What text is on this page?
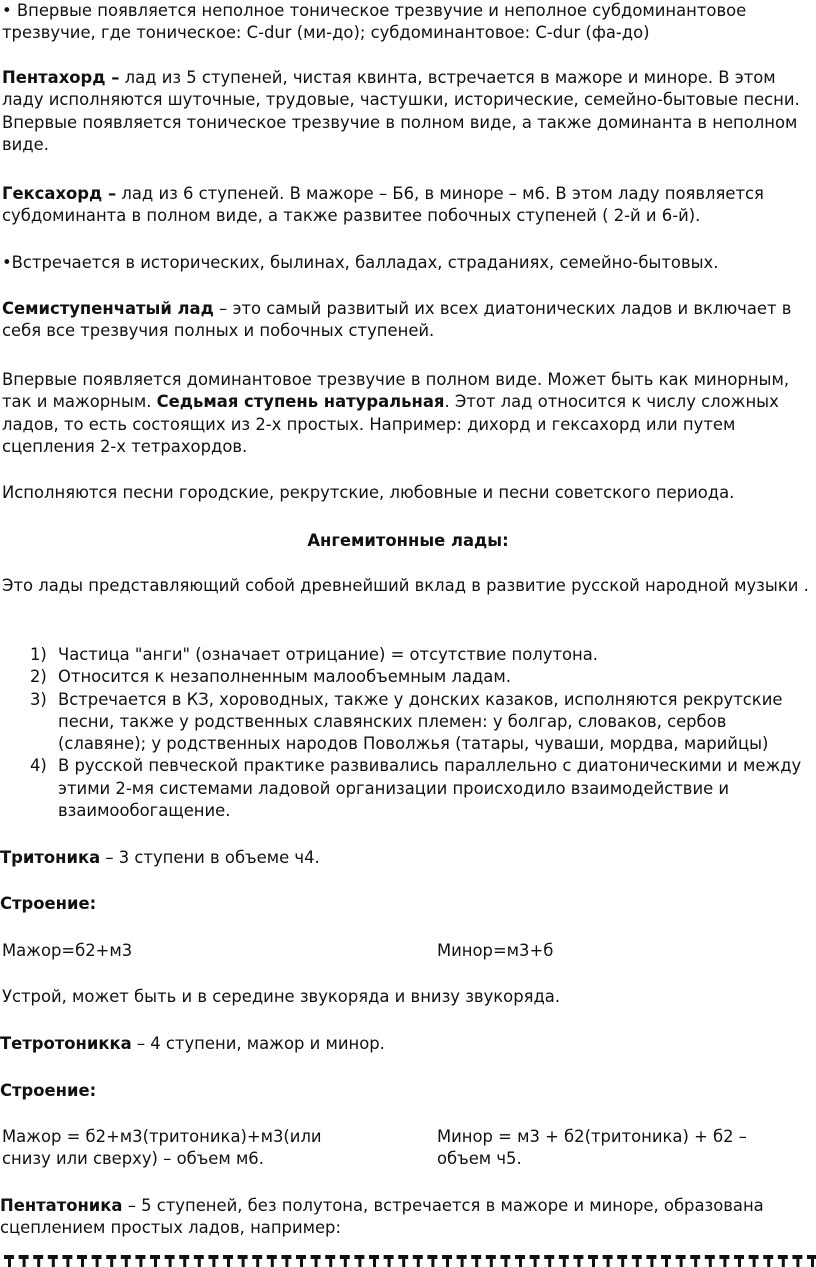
• Впервые появляется неполное тоническое трезвучие и неполное субдоминантовое трезвучие, где тоническое: С-dur (ми-до); субдоминантовое: С-dur (фа-до)

Пентахорд – лад из 5 ступеней, чистая квинта, встречается в мажоре и миноре. В этом ладу исполняются шуточные, трудовые, частушки, исторические, семейно-бытовые песни. Впервые появляется тоническое трезвучие в полном виде, а также доминанта в неполном виде.

Гексахорд – лад из 6 ступеней. В мажоре – Б6, в миноре – м6. В этом ладу появляется субдоминанта в полном виде, а также развитее побочных ступеней ( 2-й и 6-й).

•Встречается в исторических, былинах, балладах, страданиях, семейно-бытовых.

Семиступенчатый лад – это самый развитый их всех диатонических ладов и включает в себя все трезвучия полных и побочных ступеней.

Впервые появляется доминантовое трезвучие в полном виде. Может быть как минорным, так и мажорным. Седьмая ступень натуральная. Этот лад относится к числу сложных ладов, то есть состоящих из 2-х простых. Например: дихорд и гексахорд или путем сцепления 2-х тетрахордов.

Исполняются песни городские, рекрутские, любовные и песни советского периода.

Ангемитонные лады:

Это лады представляющий собой древнейший вклад в развитие русской народной музыки .

1) Частица "анги" (означает отрицание) = отсутствие полутона.
2) Относится к незаполненным малообъемным ладам.
3) Встречается в КЗ, хороводных, также у донских казаков, исполняются рекрутские песни, также у родственных славянских племен: у болгар, словаков, сербов (славяне); у родственных народов Поволжья (татары, чуваши, мордва, марийцы)
4) В русской певческой практике развивались параллельно с диатоническими и между этими 2-мя системами ладовой организации происходило взаимодействие и взаимообогащение.

Тритоника – 3 ступени в объеме ч4.

Строение:

Мажор=б2+м3	Минор=м3+б

Устрой, может быть и в середине звукоряда и внизу звукоряда.

Тетротоникка – 4 ступени, мажор и минор.

Строение:

Мажор = б2+м3(тритоника)+м3(или снизу или сверху) – объем м6.

Минор = м3 + б2(тритоника) + б2 – объем ч5.

Пентатоника – 5 ступеней, без полутона, встречается в мажоре и миноре, образована сцеплением простых ладов, например:
